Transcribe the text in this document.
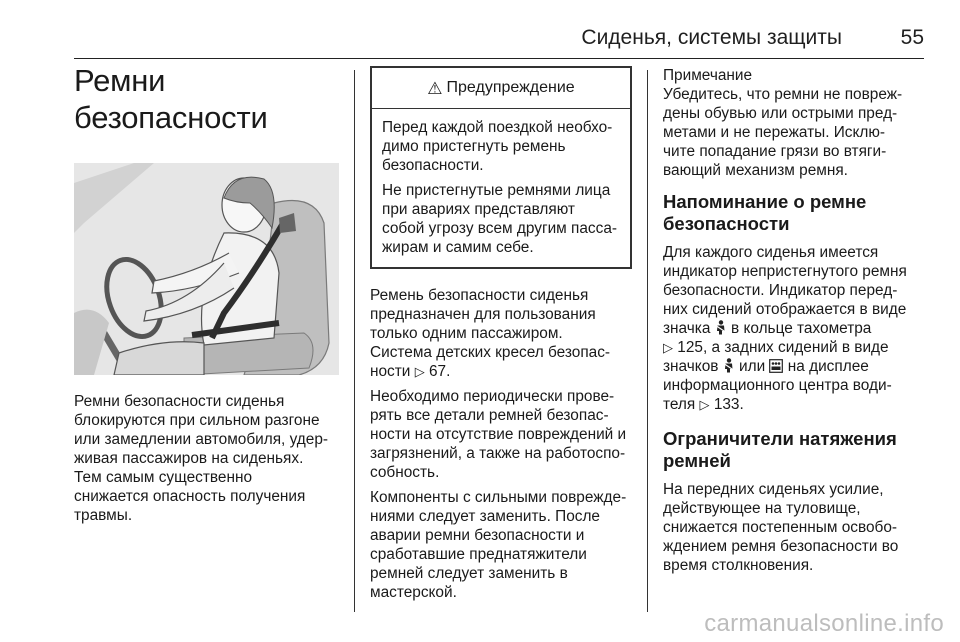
Сиденья, системы защиты	55
Ремни безопасности

Ремни безопасности сиденья
блокируются при сильном разгоне
или замедлении автомобиля, удер-
живая пассажиров на сиденьях.
Тем самым существенно
снижается опасность получения
травмы.

⚠ Предупреждение

Перед каждой поездкой необхо-
димо пристегнуть ремень
безопасности.

Не пристегнутые ремнями лица
при авариях представляют
собой угрозу всем другим пасса-
жирам и самим себе.

Ремень безопасности сиденья
предназначен для пользования
только одним пассажиром.
Система детских кресел безопас-
ности ▷ 67.

Необходимо периодически прове-
рять все детали ремней безопас-
ности на отсутствие повреждений и
загрязнений, а также на работоспо-
собность.

Компоненты с сильными поврежде-
ниями следует заменить. После
аварии ремни безопасности и
сработавшие преднатяжители
ремней следует заменить в
мастерской.

Примечание

Убедитесь, что ремни не повреж-
дены обувью или острыми пред-
метами и не пережаты. Исклю-
чите попадание грязи во втяги-
вающий механизм ремня.

Напоминание о ремне
безопасности

Для каждого сиденья имеется
индикатор непристегнутого ремня
безопасности. Индикатор перед-
них сидений отображается в виде
значка в кольце тахометра
▷ 125, а задних сидений в виде
значков или на дисплее
информационного центра води-
теля ▷ 133.

Ограничители натяжения
ремней

На передних сиденьях усилие,
действующее на туловище,
снижается постепенным освобо-
ждением ремня безопасности во
время столкновения.

carmanualsonline.info
